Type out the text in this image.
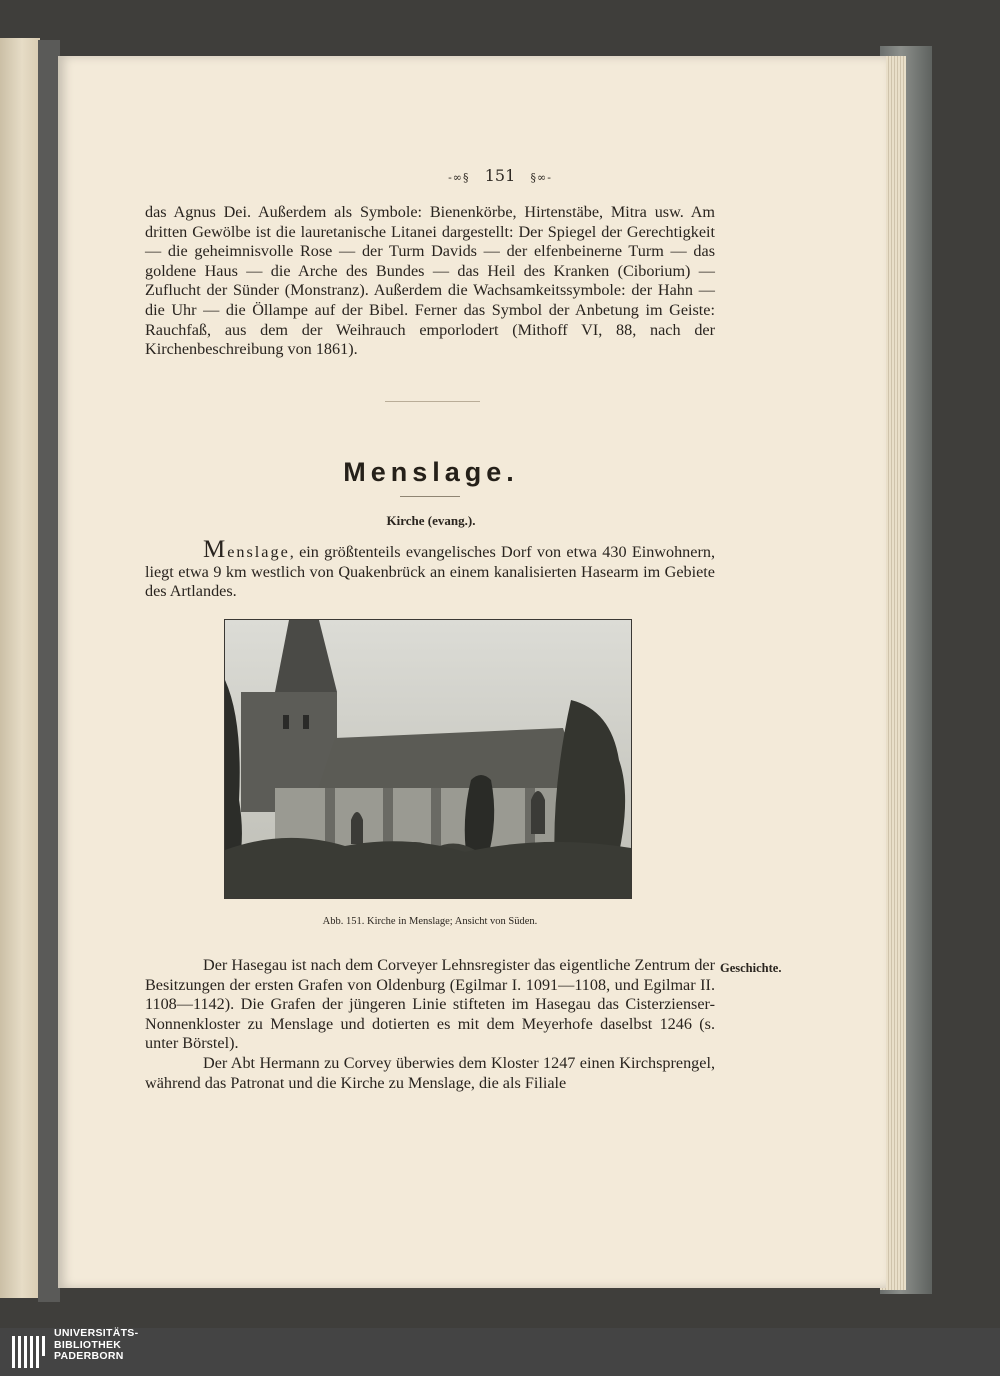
-∞§ 151 §∞-

das Agnus Dei. Außerdem als Symbole: Bienenkörbe, Hirtenstäbe, Mitra usw. Am dritten Gewölbe ist die lauretanische Litanei dargestellt: Der Spiegel der Gerechtigkeit — die geheimnisvolle Rose — der Turm Davids — der elfenbeinerne Turm — das goldene Haus — die Arche des Bundes — das Heil des Kranken (Ciborium) — Zuflucht der Sünder (Monstranz). Außerdem die Wachsamkeitssymbole: der Hahn — die Uhr — die Öllampe auf der Bibel. Ferner das Symbol der Anbetung im Geiste: Rauchfaß, aus dem der Weihrauch emporlodert (Mithoff VI, 88, nach der Kirchenbeschreibung von 1861).

Menslage.
Kirche (evang.).

Menslage, ein größtenteils evangelisches Dorf von etwa 430 Einwohnern, liegt etwa 9 km westlich von Quakenbrück an einem kanalisierten Hasearm im Gebiete des Artlandes.

Abb. 151. Kirche in Menslage; Ansicht von Süden.
Geschichte.

Der Hasegau ist nach dem Corveyer Lehnsregister das eigentliche Zentrum der Besitzungen der ersten Grafen von Oldenburg (Egilmar I. 1091—1108, und Egilmar II. 1108—1142). Die Grafen der jüngeren Linie stifteten im Hasegau das Cisterzienser-Nonnenkloster zu Menslage und dotierten es mit dem Meyerhofe daselbst 1246 (s. unter Börstel).

Der Abt Hermann zu Corvey überwies dem Kloster 1247 einen Kirchsprengel, während das Patronat und die Kirche zu Menslage, die als Filiale

UNIVERSITÄTS-
BIBLIOTHEK
PADERBORN
